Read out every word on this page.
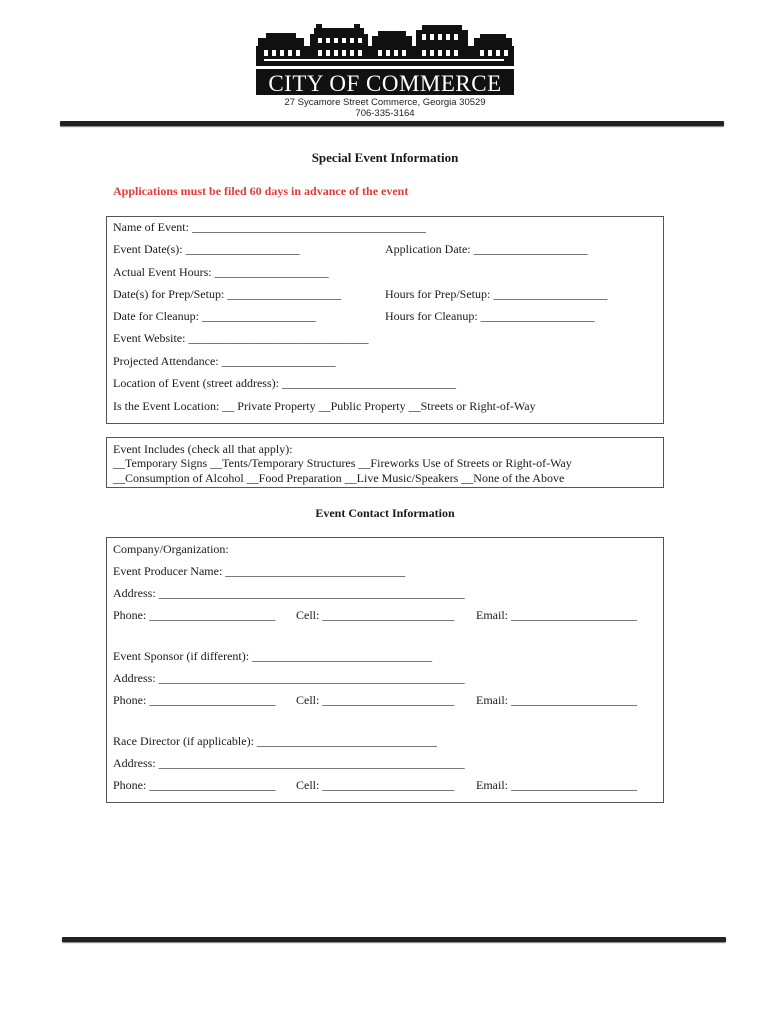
CITY OF COMMERCE
27 Sycamore Street Commerce, Georgia 30529
706-335-3164
Special Event Information
Applications must be filed 60 days in advance of the event
Name of Event: _______________________________________
Event Date(s): ___________________	Application Date: ___________________
Actual Event Hours: ___________________
Date(s) for Prep/Setup: ___________________	Hours for Prep/Setup: ___________________
Date for Cleanup: ___________________	Hours for Cleanup: ___________________
Event Website: ______________________________
Projected Attendance: ___________________
Location of Event (street address): _____________________________
Is the Event Location: __ Private Property __Public Property __Streets or Right-of-Way
Event Includes (check all that apply):
__Temporary Signs __Tents/Temporary Structures __Fireworks Use of Streets or Right-of-Way
__Consumption of Alcohol __Food Preparation __Live Music/Speakers __None of the Above
Event Contact Information
Company/Organization:
Event Producer Name: ______________________________
Address: ___________________________________________________
Phone: _____________________ Cell: ______________________ Email: _____________________
Event Sponsor (if different): ______________________________
Address: ___________________________________________________
Phone: _____________________ Cell: ______________________ Email: _____________________
Race Director (if applicable): ______________________________
Address: ___________________________________________________
Phone: _____________________ Cell: ______________________ Email: _____________________
